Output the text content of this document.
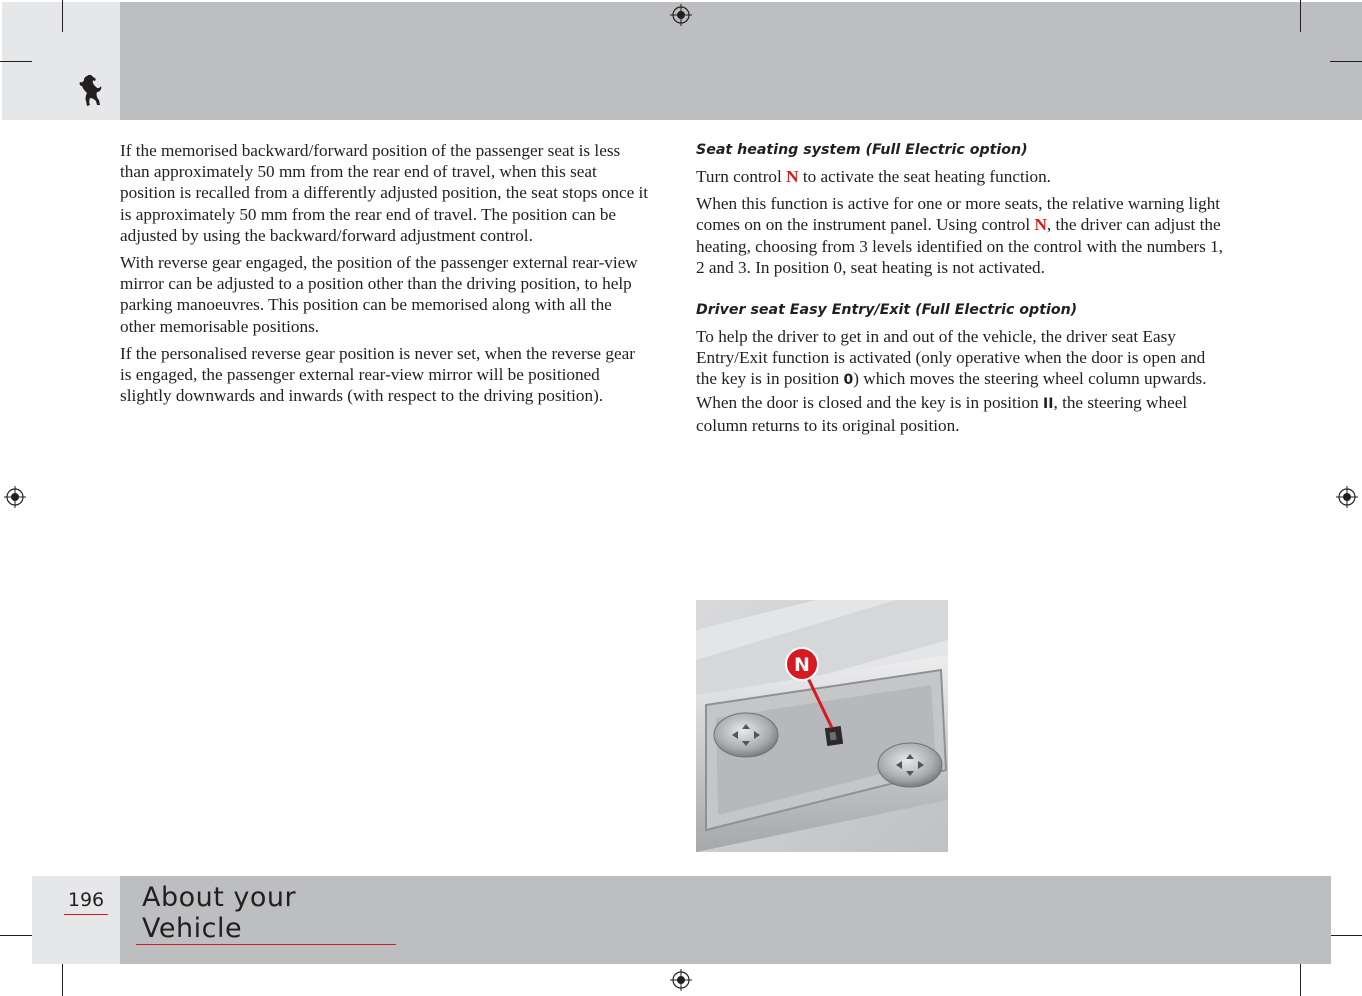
If the memorised backward/forward position of the passenger seat is less than approximately 50 mm from the rear end of travel, when this seat position is recalled from a differently adjusted position, the seat stops once it is approximately 50 mm from the rear end of travel. The position can be adjusted by using the backward/forward adjustment control.

With reverse gear engaged, the position of the passenger external rear-view mirror can be adjusted to a position other than the driving position, to help parking manoeuvres. This position can be memorised along with all the other memorisable positions.

If the personalised reverse gear position is never set, when the reverse gear is engaged, the passenger external rear-view mirror will be positioned slightly downwards and inwards (with respect to the driving position).

Seat heating system (Full Electric option)

Turn control N to activate the seat heating function.

When this function is active for one or more seats, the relative warning light comes on on the instrument panel. Using control N, the driver can adjust the heating, choosing from 3 levels identified on the control with the numbers 1, 2 and 3. In position 0, seat heating is not activated.

Driver seat Easy Entry/Exit (Full Electric option)

To help the driver to get in and out of the vehicle, the driver seat Easy Entry/Exit function is activated (only operative when the door is open and the key is in position 0) which moves the steering wheel column upwards. When the door is closed and the key is in position II, the steering wheel column returns to its original position.

N
196 About your Vehicle
